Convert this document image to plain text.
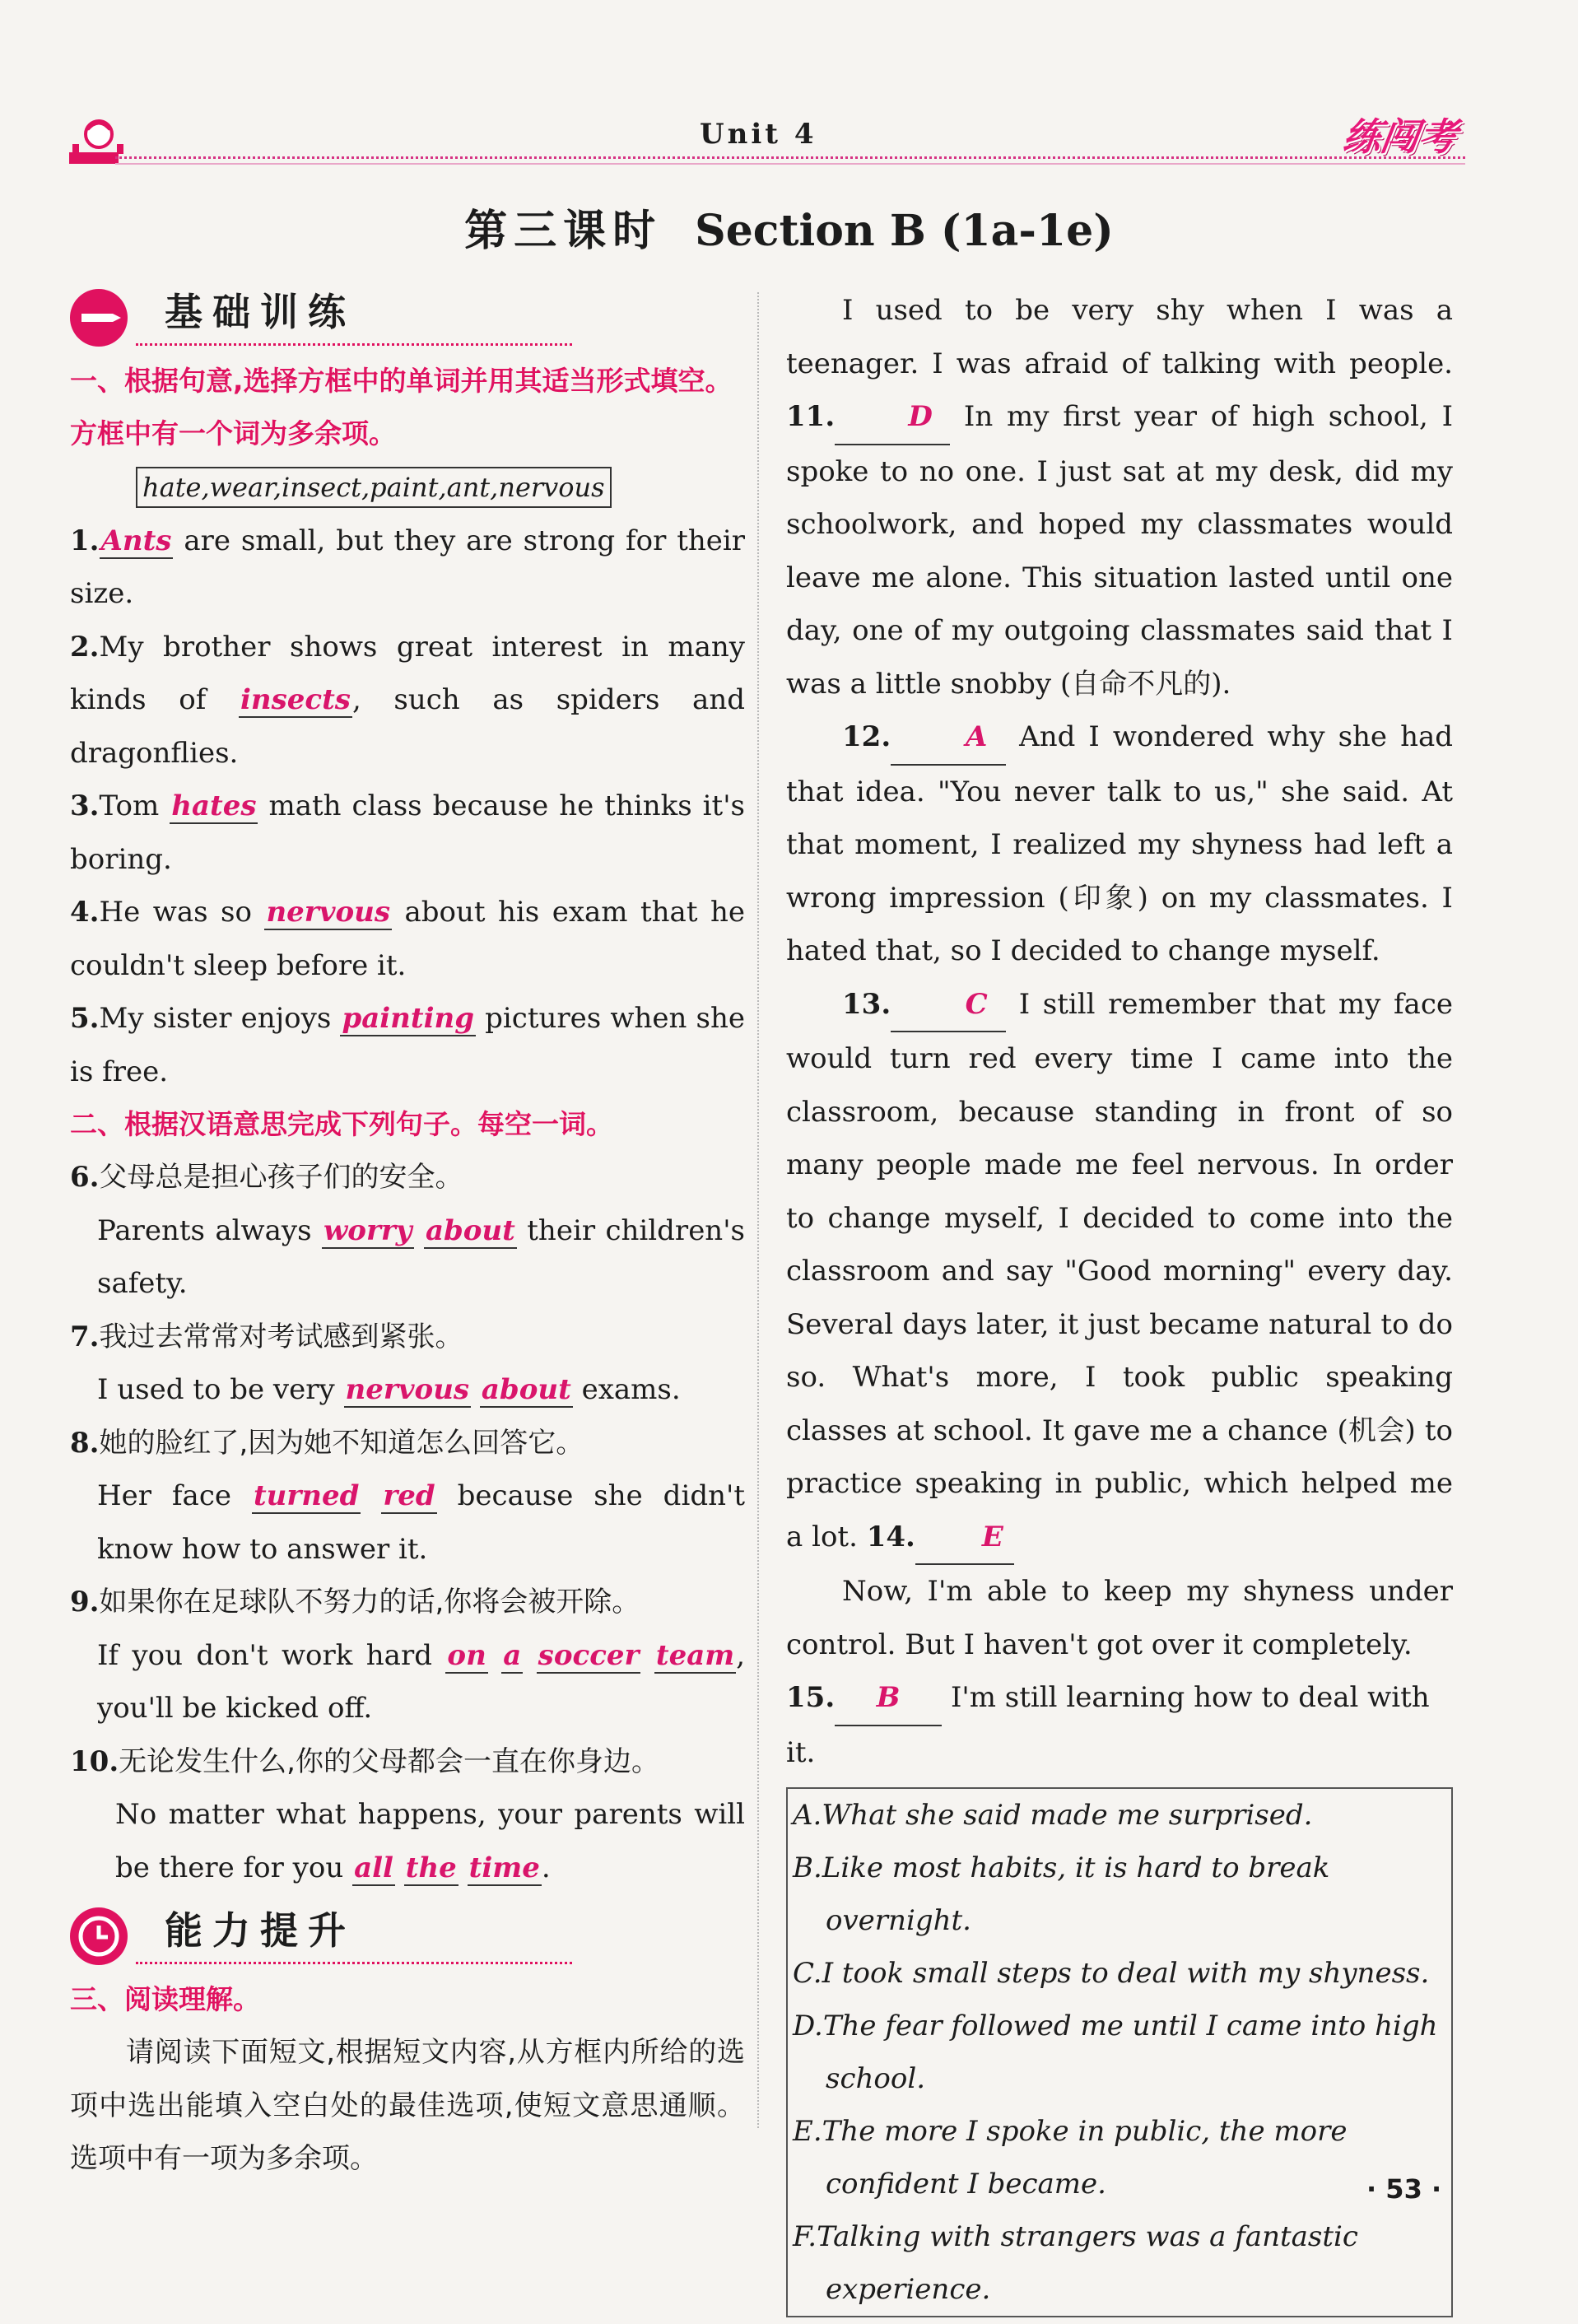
Unit 4	练闯考
第三课时 Section B (1a-1e)
基础训练
一、根据句意,选择方框中的单词并用其适当形式填空。方框中有一个词为多余项。
hate,wear,insect,paint,ant,nervous
1.Ants are small, but they are strong for their size.
2.My brother shows great interest in many kinds of insects, such as spiders and dragonflies.
3.Tom hates math class because he thinks it's boring.
4.He was so nervous about his exam that he couldn't sleep before it.
5.My sister enjoys painting pictures when she is free.
二、根据汉语意思完成下列句子。每空一词。
6.父母总是担心孩子们的安全。
Parents always worry about their children's safety.
7.我过去常常对考试感到紧张。
I used to be very nervous about exams.
8.她的脸红了,因为她不知道怎么回答它。
Her face turned red because she didn't know how to answer it.
9.如果你在足球队不努力的话,你将会被开除。
If you don't work hard on a soccer team, you'll be kicked off.
10.无论发生什么,你的父母都会一直在你身边。
No matter what happens, your parents will be there for you all the time.
能力提升
三、阅读理解。
请阅读下面短文,根据短文内容,从方框内所给的选项中选出能填入空白处的最佳选项,使短文意思通顺。选项中有一项为多余项。

I used to be very shy when I was a teenager. I was afraid of talking with people. 11.	D In my first year of high school, I spoke to no one. I just sat at my desk, did my schoolwork, and hoped my classmates would leave me alone. This situation lasted until one day, one of my outgoing classmates said that I was a little snobby (自命不凡的).

12.	A And I wondered why she had that idea. "You never talk to us," she said. At that moment, I realized my shyness had left a wrong impression (印象) on my classmates. I hated that, so I decided to change myself.

13.	C I still remember that my face would turn red every time I came into the classroom, because standing in front of so many people made me feel nervous. In order to change myself, I decided to come into the classroom and say "Good morning" every day. Several days later, it just became natural to do so. What's more, I took public speaking classes at school. It gave me a chance (机会) to practice speaking in public, which helped me a lot. 14. E

Now, I'm able to keep my shyness under control. But I haven't got over it completely.

15. B I'm still learning how to deal with it.

A.What she said made me surprised.

B.Like most habits, it is hard to break overnight.

C.I took small steps to deal with my shyness.

D.The fear followed me until I came into high school.

E.The more I spoke in public, the more confident I became.

F.Talking with strangers was a fantastic experience.

· 53 ·
